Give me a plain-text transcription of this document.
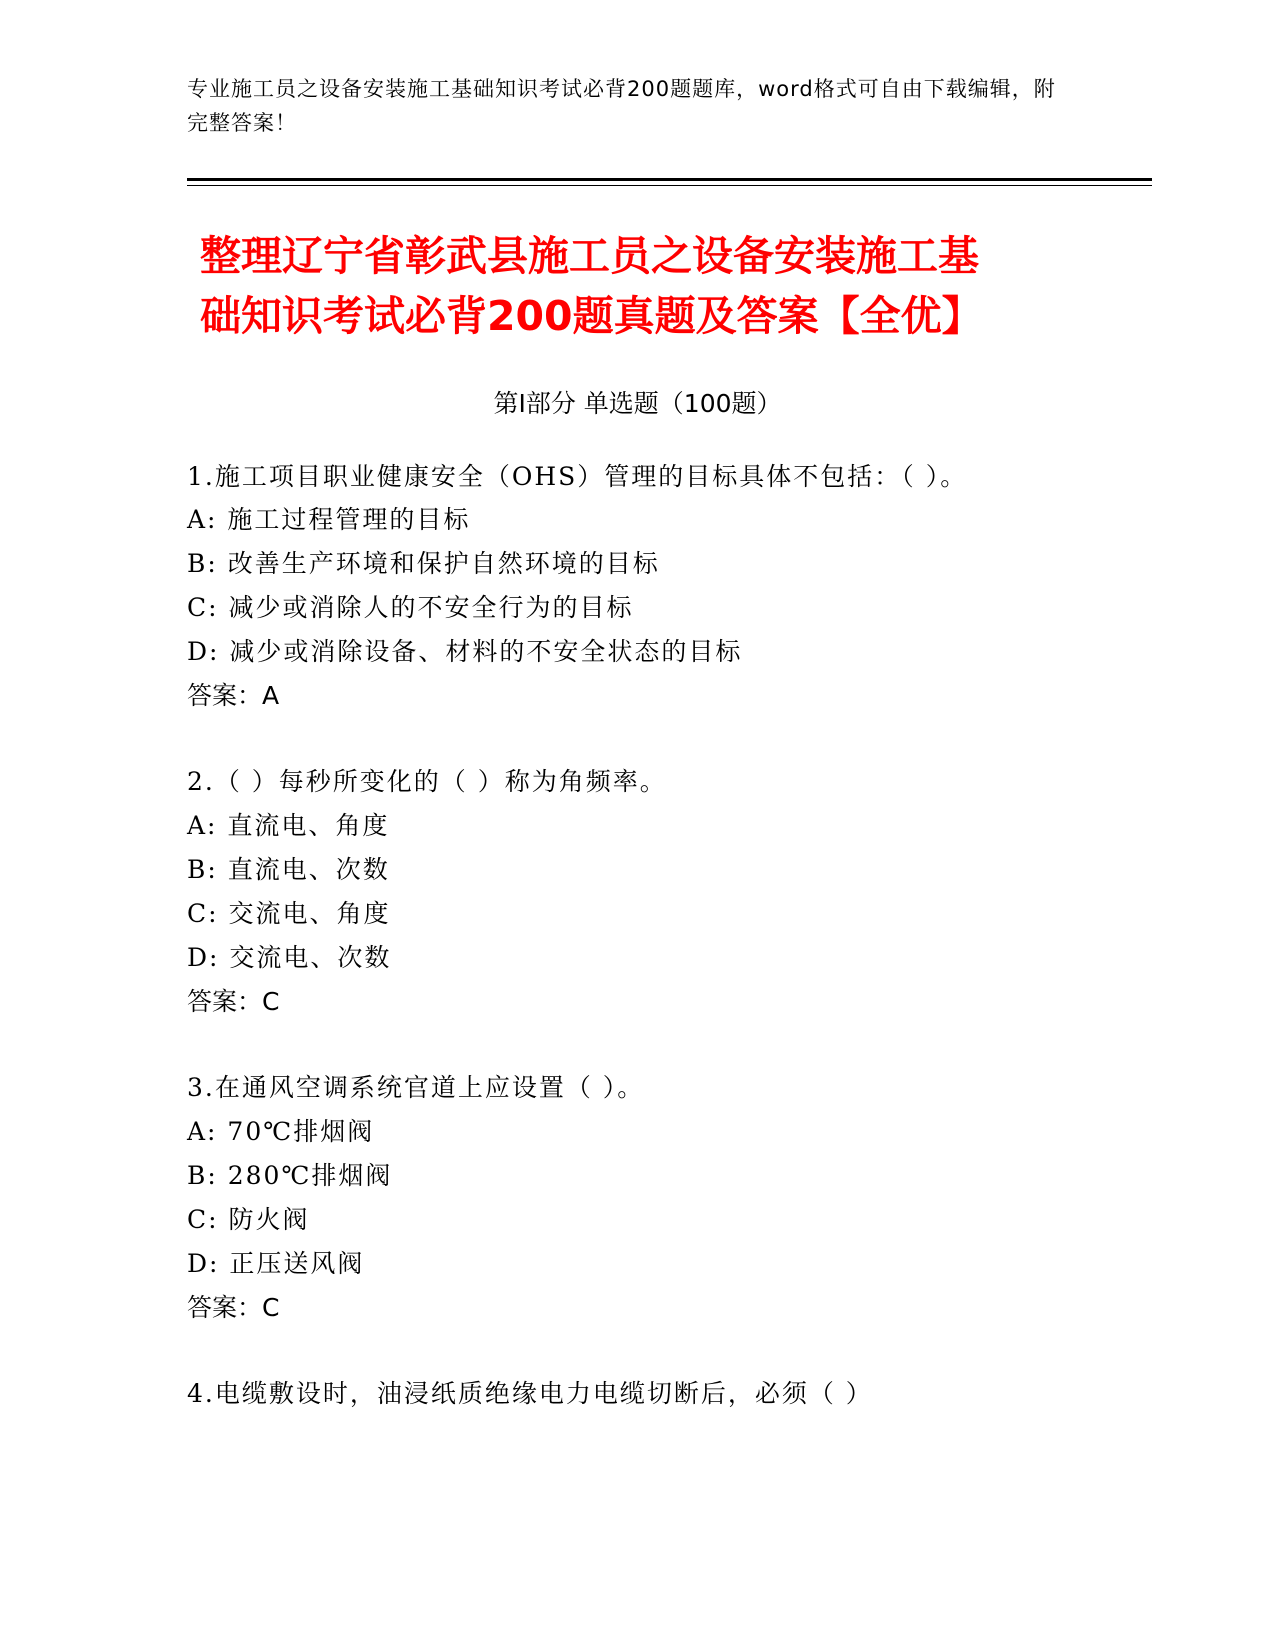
专业施工员之设备安装施工基础知识考试必背200题题库，word格式可自由下载编辑，附完整答案！
整理辽宁省彰武县施工员之设备安装施工基
础知识考试必背200题真题及答案【全优】
第Ⅰ部分 单选题（100题）
1.施工项目职业健康安全（OHS）管理的目标具体不包括：（ ）。
A: 施工过程管理的目标
B: 改善生产环境和保护自然环境的目标
C: 减少或消除人的不安全行为的目标
D: 减少或消除设备、材料的不安全状态的目标
答案：A
2.（ ）每秒所变化的（ ）称为角频率。
A: 直流电、角度
B: 直流电、次数
C: 交流电、角度
D: 交流电、次数
答案：C
3.在通风空调系统官道上应设置（ ）。
A: 70℃排烟阀
B: 280℃排烟阀
C: 防火阀
D: 正压送风阀
答案：C
4.电缆敷设时，油浸纸质绝缘电力电缆切断后，必须（ ）
